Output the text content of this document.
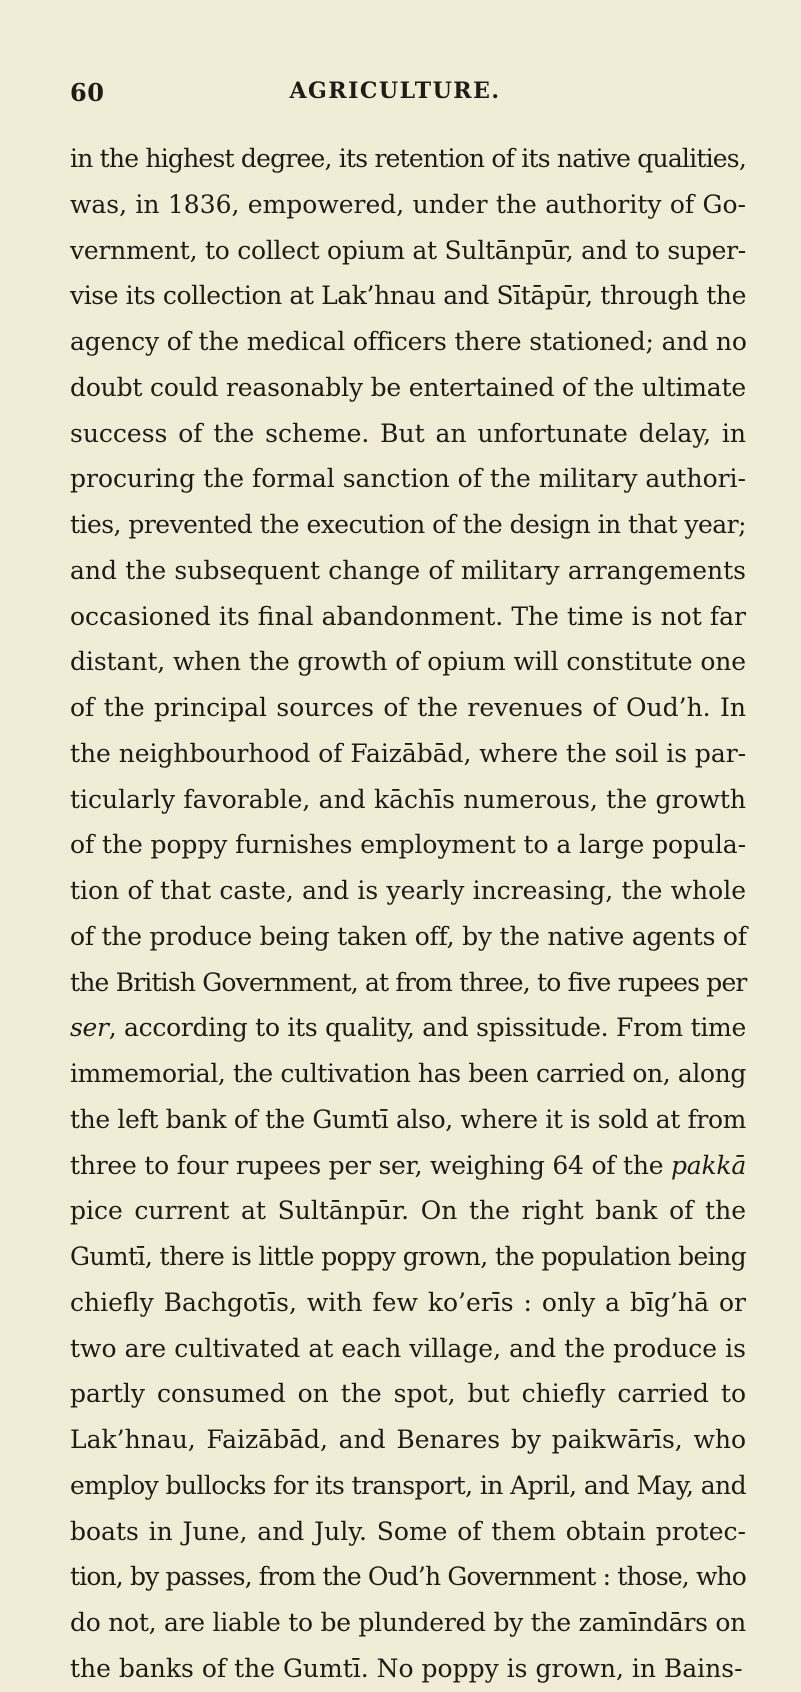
60	AGRICULTURE.
in the highest degree, its retention of its native qualities,
was, in 1836, empowered, under the authority of Go-
vernment, to collect opium at Sultānpūr, and to super-
vise its collection at Lak’hnau and Sītāpūr, through the
agency of the medical officers there stationed; and no
doubt could reasonably be entertained of the ultimate
success of the scheme. But an unfortunate delay, in
procuring the formal sanction of the military authori-
ties, prevented the execution of the design in that year;
and the subsequent change of military arrangements
occasioned its final abandonment. The time is not far
distant, when the growth of opium will constitute one
of the principal sources of the revenues of Oud’h. In
the neighbourhood of Faizābād, where the soil is par-
ticularly favorable, and kāchīs numerous, the growth
of the poppy furnishes employment to a large popula-
tion of that caste, and is yearly increasing, the whole
of the produce being taken off, by the native agents of
the British Government, at from three, to five rupees per
ser, according to its quality, and spissitude. From time
immemorial, the cultivation has been carried on, along
the left bank of the Gumtī also, where it is sold at from
three to four rupees per ser, weighing 64 of the pakkā
pice current at Sultānpūr. On the right bank of the
Gumtī, there is little poppy grown, the population being
chiefly Bachgotīs, with few ko’erīs : only a bīg’hā or
two are cultivated at each village, and the produce is
partly consumed on the spot, but chiefly carried to
Lak’hnau, Faizābād, and Benares by paikwārīs, who
employ bullocks for its transport, in April, and May, and
boats in June, and July. Some of them obtain protec-
tion, by passes, from the Oud’h Government : those, who
do not, are liable to be plundered by the zamīndārs on
the banks of the Gumtī. No poppy is grown, in Bains-
